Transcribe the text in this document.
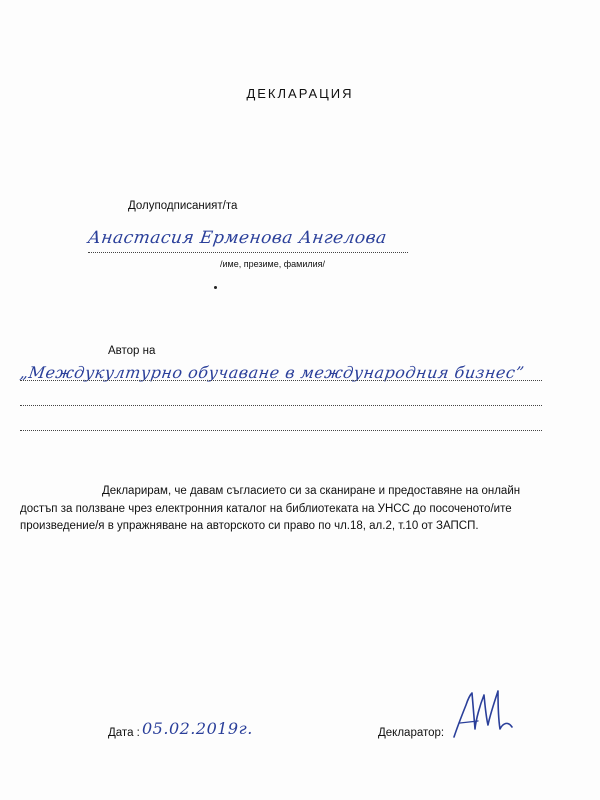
ДЕКЛАРАЦИЯ
Долуподписаният/та
Анастасия Ерменова Ангелова
/име, презиме, фамилия/
Автор на
„Междукултурно обучаване в международния бизнес”
Декларирам, че давам съгласието си за сканиране и предоставяне на онлайн достъп за ползване чрез електронния каталог на библиотеката на УНСС до посоченото/ите произведение/я в упражняване на авторското си право по чл.18, ал.2, т.10 от ЗАПСП.
Дата : 05.02.2019г.	Декларатор:
